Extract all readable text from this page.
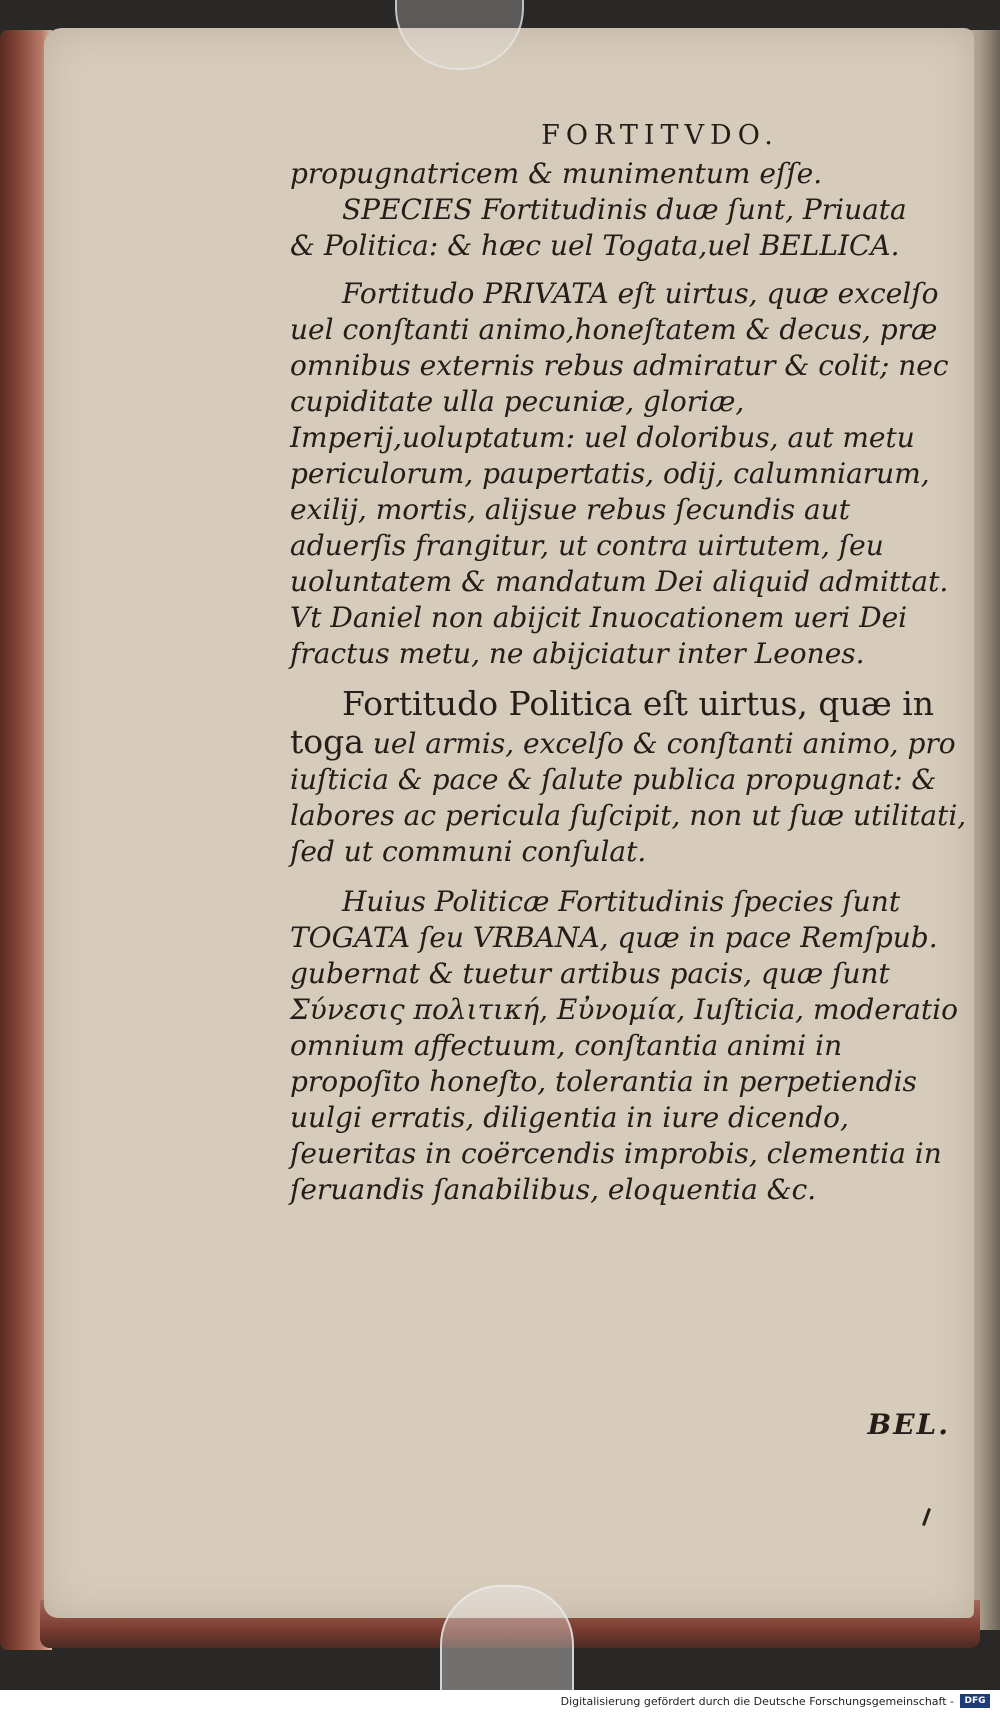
FORTITVDO.

propugnatricem & munimentum eſſe.

SPECIES Fortitudinis duæ ſunt, Priuata

& Politica: & hæc uel Togata,uel BELLICA.

Fortitudo PRIVATA eſt uirtus, quæ excelſo uel conſtanti animo,honeſtatem & decus, præ omnibus externis rebus admiratur & colit; nec cupiditate ulla pecuniæ, gloriæ, Imperij,uoluptatum: uel doloribus, aut metu periculorum, paupertatis, odij, calumniarum, exilij, mortis, alijsue rebus ſecundis aut aduerſis frangitur, ut contra uirtutem, ſeu uoluntatem & mandatum Dei aliquid admittat. Vt Daniel non abijcit Inuocationem ueri Dei fractus metu, ne abijciatur inter Leones.

Fortitudo Politica eſt uirtus, quæ in toga uel armis, excelſo & conſtanti animo, pro iuſticia & pace & ſalute publica propugnat: & labores ac pericula ſuſcipit, non ut ſuæ utilitati, ſed ut communi conſulat.

Huius Politicæ Fortitudinis ſpecies ſunt TOGATA ſeu VRBANA, quæ in pace Remſpub. gubernat & tuetur artibus pacis, quæ ſunt Σύνεσις πολιτική, Εὐνομία, Iuſticia, moderatio omnium affectuum, conſtantia animi in propoſito honeſto, tolerantia in perpetiendis uulgi erratis, diligentia in iure dicendo, ſeueritas in coërcendis improbis, clementia in ſeruandis ſanabilibus, eloquentia &c.

BEL.
Digitalisierung gefördert durch die Deutsche Forschungsgemeinschaft -	DFG
